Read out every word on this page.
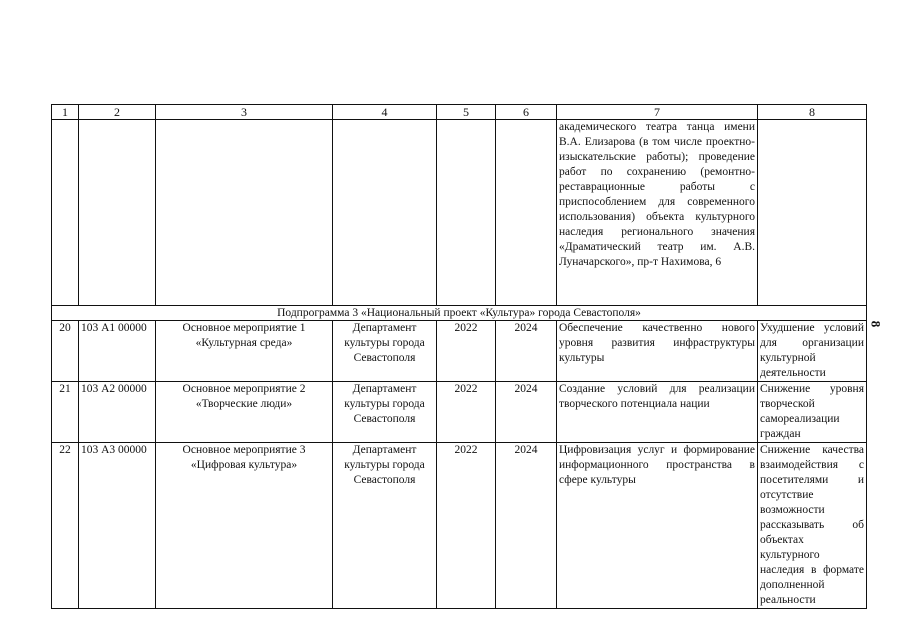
1	2	3	4	5	6	7	8
						академического театра танца имени В.А. Елизарова (в том числе проектно-изыскательские работы); проведение работ по сохранению (ремонтно-реставрационные работы с приспособлением для современного использования) объекта культурного наследия регионального значения «Драматический театр им. А.В. Луначарского», пр-т Нахимова, 6	
Подпрограмма 3 «Национальный проект «Культура» города Севастополя»							
20	103 А1 00000	Основное мероприятие 1 «Культурная среда»	Департамент культуры города Севастополя	2022	2024	Обеспечение качественно нового уровня развития инфраструктуры культуры	Ухудшение условий для организации культурной деятельности
21	103 А2 00000	Основное мероприятие 2 «Творческие люди»	Департамент культуры города Севастополя	2022	2024	Создание условий для реализации творческого потенциала нации	Снижение уровня творческой самореализации граждан
22	103 А3 00000	Основное мероприятие 3 «Цифровая культура»	Департамент культуры города Севастополя	2022	2024	Цифровизация услуг и формирование информационного пространства в сфере культуры	Снижение качества взаимодействия с посетителями и отсутствие возможности рассказывать об объектах культурного наследия в формате дополненной реальности
8
